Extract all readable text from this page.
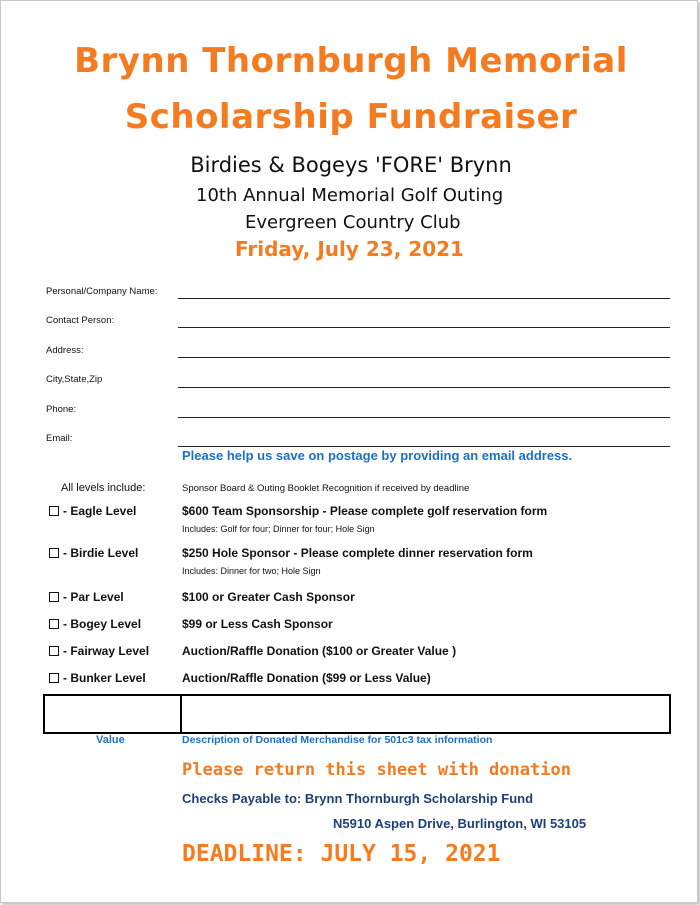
Brynn Thornburgh Memorial
Scholarship Fundraiser
Birdies & Bogeys 'FORE' Brynn
10th Annual Memorial Golf Outing
Evergreen Country Club
Friday, July 23, 2021
Personal/Company Name:
Contact Person:
Address:
City,State,Zip
Phone:
Email:
Please help us save on postage by providing an email address.
All levels include:	Sponsor Board & Outing Booklet Recognition if received by deadline
- Eagle Level	$600 Team Sponsorship - Please complete golf reservation form
Includes: Golf for four; Dinner for four; Hole Sign
- Birdie Level	$250 Hole Sponsor - Please complete dinner reservation form
Includes: Dinner for two; Hole Sign
- Par Level	$100 or Greater Cash Sponsor
- Bogey Level	$99 or Less Cash Sponsor
- Fairway Level	Auction/Raffle Donation ($100 or Greater Value )
- Bunker Level	Auction/Raffle Donation ($99 or Less Value)
Value	Description of Donated Merchandise for 501c3 tax information
Please return this sheet with donation
Checks Payable to: Brynn Thornburgh Scholarship Fund
N5910 Aspen Drive, Burlington, WI 53105
DEADLINE: JULY 15, 2021
